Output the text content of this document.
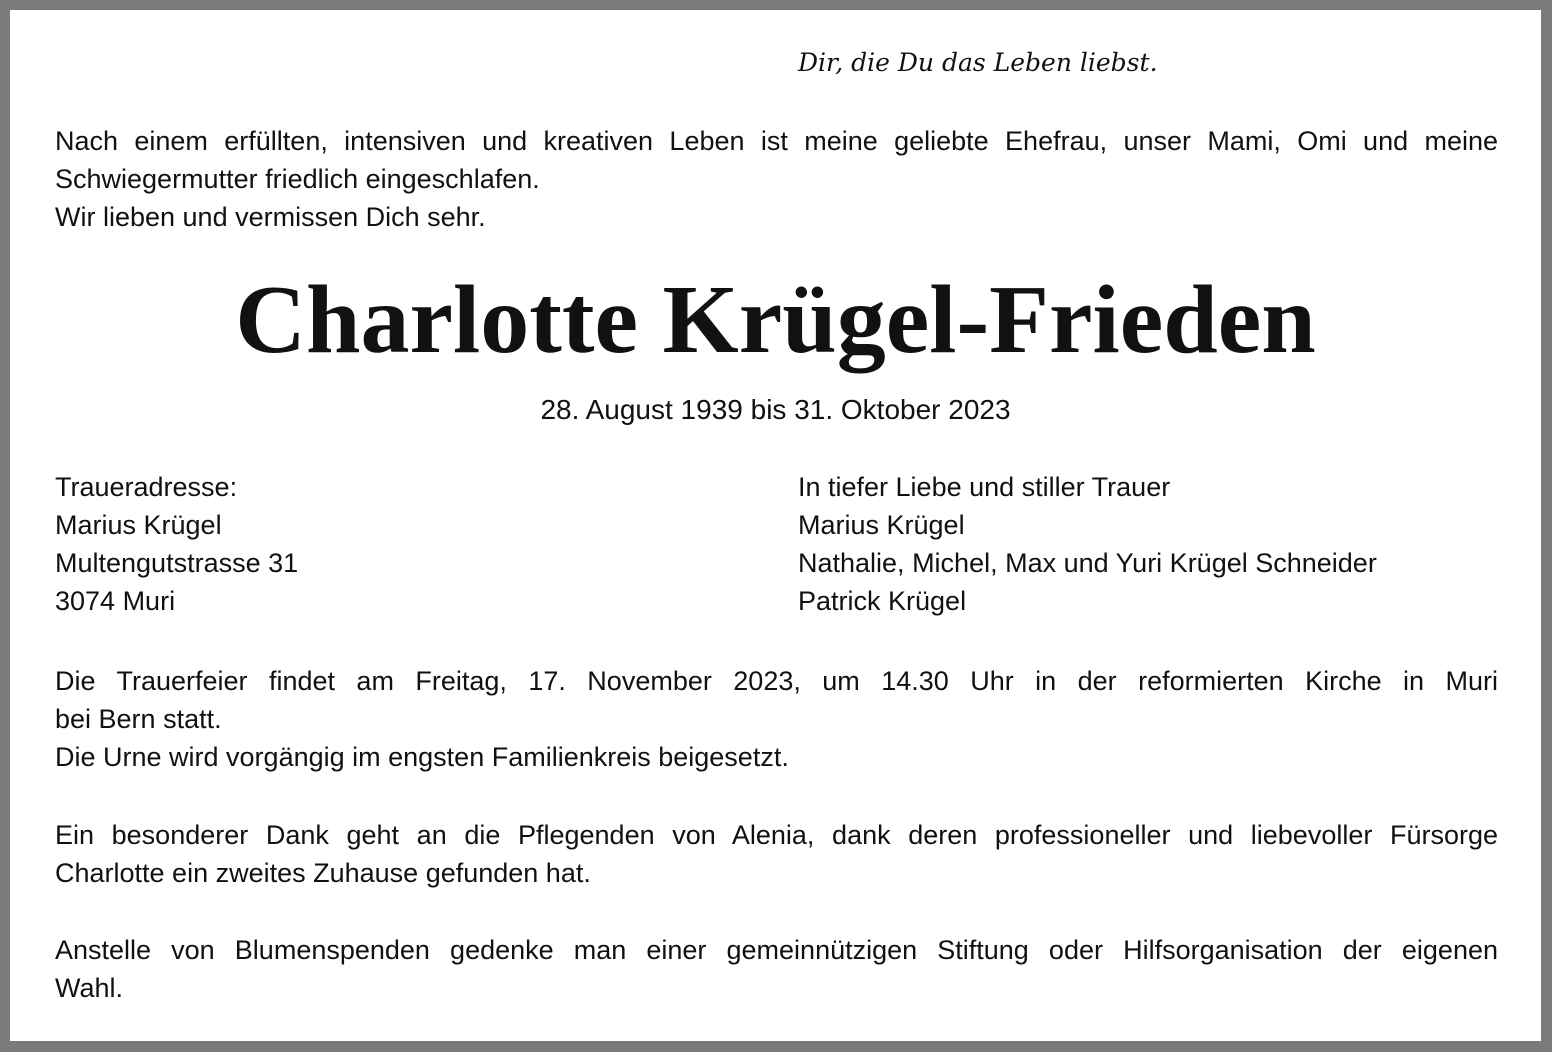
Dir, die Du das Leben liebst.

Nach einem erfüllten, intensiven und kreativen Leben ist meine geliebte Ehefrau, unser Mami, Omi und meine
Schwiegermutter friedlich eingeschlafen.
Wir lieben und vermissen Dich sehr.
Charlotte Krügel-Frieden

28. August 1939 bis 31. Oktober 2023

Traueradresse:
Marius Krügel
Multengutstrasse 31
3074 Muri
In tiefer Liebe und stiller Trauer
Marius Krügel
Nathalie, Michel, Max und Yuri Krügel Schneider
Patrick Krügel
Die Trauerfeier findet am Freitag, 17. November 2023, um 14.30 Uhr in der reformierten Kirche in Muri
bei Bern statt.
Die Urne wird vorgängig im engsten Familienkreis beigesetzt.
Ein besonderer Dank geht an die Pflegenden von Alenia, dank deren professioneller und liebevoller Fürsorge
Charlotte ein zweites Zuhause gefunden hat.
Anstelle von Blumenspenden gedenke man einer gemeinnützigen Stiftung oder Hilfsorganisation der eigenen
Wahl.
